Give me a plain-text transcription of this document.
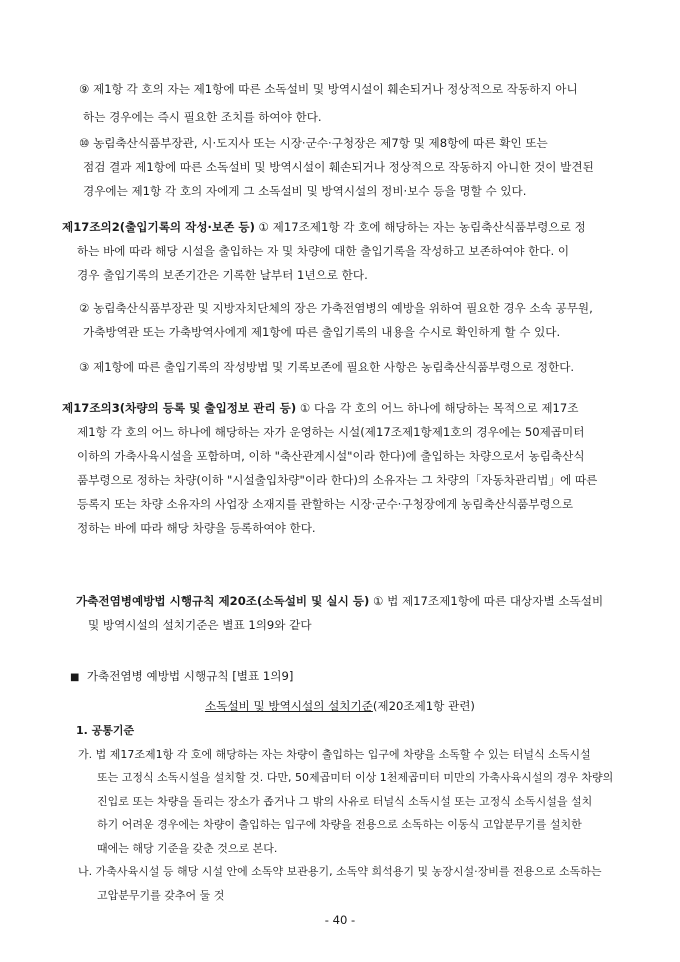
⑨ 제1항 각 호의 자는 제1항에 따른 소독설비 및 방역시설이 훼손되거나 정상적으로 작동하지 아니
하는 경우에는 즉시 필요한 조치를 하여야 한다.
⑩ 농림축산식품부장관, 시·도지사 또는 시장·군수·구청장은 제7항 및 제8항에 따른 확인 또는
점검 결과 제1항에 따른 소독설비 및 방역시설이 훼손되거나 정상적으로 작동하지 아니한 것이 발견된
경우에는 제1항 각 호의 자에게 그 소독설비 및 방역시설의 정비·보수 등을 명할 수 있다.
제17조의2(출입기록의 작성·보존 등) ① 제17조제1항 각 호에 해당하는 자는 농림축산식품부령으로 정
하는 바에 따라 해당 시설을 출입하는 자 및 차량에 대한 출입기록을 작성하고 보존하여야 한다. 이
경우 출입기록의 보존기간은 기록한 날부터 1년으로 한다.
② 농림축산식품부장관 및 지방자치단체의 장은 가축전염병의 예방을 위하여 필요한 경우 소속 공무원,
가축방역관 또는 가축방역사에게 제1항에 따른 출입기록의 내용을 수시로 확인하게 할 수 있다.
③ 제1항에 따른 출입기록의 작성방법 및 기록보존에 필요한 사항은 농림축산식품부령으로 정한다.
제17조의3(차량의 등록 및 출입정보 관리 등) ① 다음 각 호의 어느 하나에 해당하는 목적으로 제17조
제1항 각 호의 어느 하나에 해당하는 자가 운영하는 시설(제17조제1항제1호의 경우에는 50제곱미터
이하의 가축사육시설을 포함하며, 이하 "축산관계시설"이라 한다)에 출입하는 차량으로서 농림축산식
품부령으로 정하는 차량(이하 "시설출입차량"이라 한다)의 소유자는 그 차량의「자동차관리법」에 따른
등록지 또는 차량 소유자의 사업장 소재지를 관할하는 시장·군수·구청장에게 농림축산식품부령으로
정하는 바에 따라 해당 차량을 등록하여야 한다.
가축전염병예방법 시행규칙 제20조(소독설비 및 실시 등) ① 법 제17조제1항에 따른 대상자별 소독설비
및 방역시설의 설치기준은 별표 1의9와 같다
■ 가축전염병 예방법 시행규칙 [별표 1의9]
소독설비 및 방역시설의 설치기준(제20조제1항 관련)
1. 공통기준
가. 법 제17조제1항 각 호에 해당하는 자는 차량이 출입하는 입구에 차량을 소독할 수 있는 터널식 소독시설
또는 고정식 소독시설을 설치할 것. 다만, 50제곱미터 이상 1천제곱미터 미만의 가축사육시설의 경우 차량의
진입로 또는 차량을 돌리는 장소가 좁거나 그 밖의 사유로 터널식 소독시설 또는 고정식 소독시설을 설치
하기 어려운 경우에는 차량이 출입하는 입구에 차량을 전용으로 소독하는 이동식 고압분무기를 설치한
때에는 해당 기준을 갖춘 것으로 본다.
나. 가축사육시설 등 해당 시설 안에 소독약 보관용기, 소독약 희석용기 및 농장시설·장비를 전용으로 소독하는
고압분무기를 갖추어 둘 것
- 40 -
